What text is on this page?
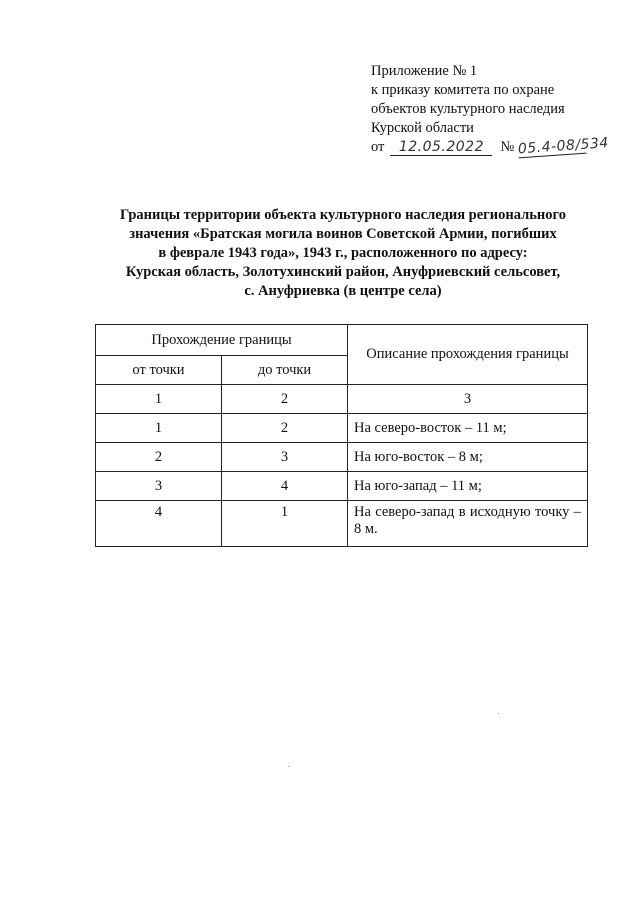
Приложение № 1
к приказу комитета по охране
объектов культурного наследия
Курской области
от	12.05.2022	№ 05.4-08/534
Границы территории объекта культурного наследия регионального
значения «Братская могила воинов Советской Армии, погибших
в феврале 1943 года», 1943 г., расположенного по адресу:
Курская область, Золотухинский район, Ануфриевский сельсовет,
с. Ануфриевка (в центре села)
Прохождение границы		Описание прохождения границы
от точки	до точки	
1	2	3
1	2	На северо-восток – 11 м;
2	3	На юго-восток – 8 м;
3	4	На юго-запад – 11 м;
4	1	На северо-запад в исходную точку – 8 м.
